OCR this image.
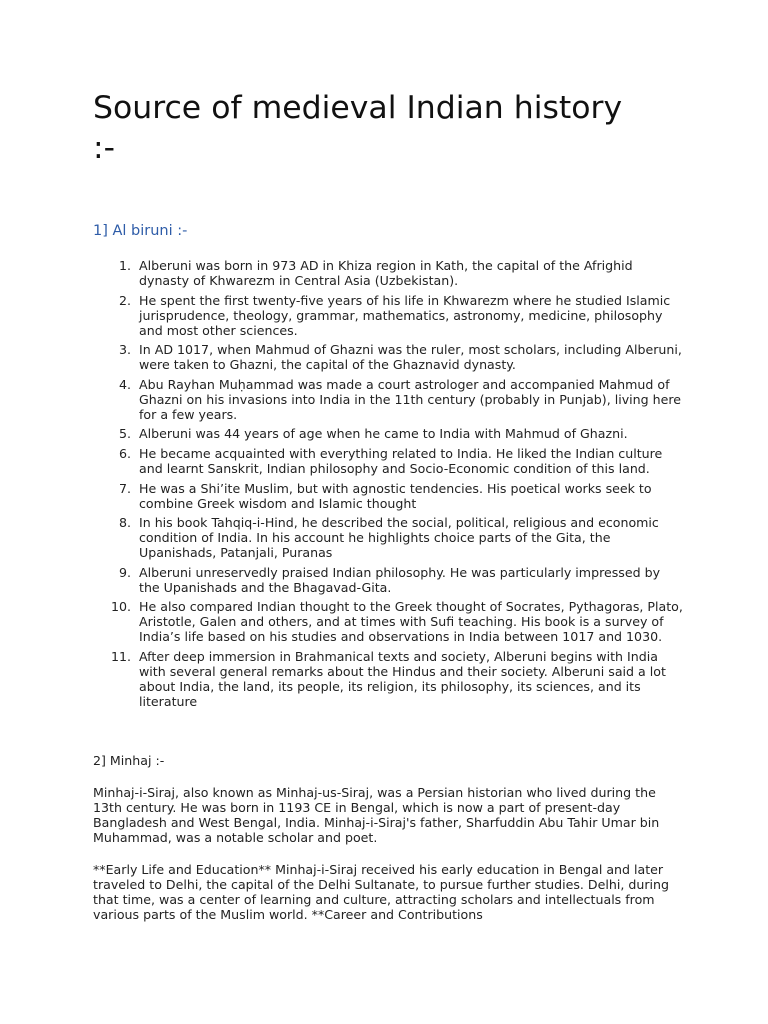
Source of medieval Indian history :-
1] Al biruni :-
1. Alberuni was born in 973 AD in Khiza region in Kath, the capital of the Afrighid dynasty of Khwarezm in Central Asia (Uzbekistan).
2. He spent the first twenty-five years of his life in Khwarezm where he studied Islamic jurisprudence, theology, grammar, mathematics, astronomy, medicine, philosophy and most other sciences.
3. In AD 1017, when Mahmud of Ghazni was the ruler, most scholars, including Alberuni, were taken to Ghazni, the capital of the Ghaznavid dynasty.
4. Abu Rayhan Muḥammad was made a court astrologer and accompanied Mahmud of Ghazni on his invasions into India in the 11th century (probably in Punjab), living here for a few years.
5. Alberuni was 44 years of age when he came to India with Mahmud of Ghazni.
6. He became acquainted with everything related to India. He liked the Indian culture and learnt Sanskrit, Indian philosophy and Socio-Economic condition of this land.
7. He was a Shi’ite Muslim, but with agnostic tendencies. His poetical works seek to combine Greek wisdom and Islamic thought
8. In his book Tahqiq-i-Hind, he described the social, political, religious and economic condition of India. In his account he highlights choice parts of the Gita, the Upanishads, Patanjali, Puranas
9. Alberuni unreservedly praised Indian philosophy. He was particularly impressed by the Upanishads and the Bhagavad-Gita.
10. He also compared Indian thought to the Greek thought of Socrates, Pythagoras, Plato, Aristotle, Galen and others, and at times with Sufi teaching. His book is a survey of India’s life based on his studies and observations in India between 1017 and 1030.
11. After deep immersion in Brahmanical texts and society, Alberuni begins with India with several general remarks about the Hindus and their society. Alberuni said a lot about India, the land, its people, its religion, its philosophy, its sciences, and its literature
2] Minhaj :-

Minhaj-i-Siraj, also known as Minhaj-us-Siraj, was a Persian historian who lived during the 13th century. He was born in 1193 CE in Bengal, which is now a part of present-day Bangladesh and West Bengal, India. Minhaj-i-Siraj's father, Sharfuddin Abu Tahir Umar bin Muhammad, was a notable scholar and poet.

**Early Life and Education** Minhaj-i-Siraj received his early education in Bengal and later traveled to Delhi, the capital of the Delhi Sultanate, to pursue further studies. Delhi, during that time, was a center of learning and culture, attracting scholars and intellectuals from various parts of the Muslim world. **Career and Contributions
